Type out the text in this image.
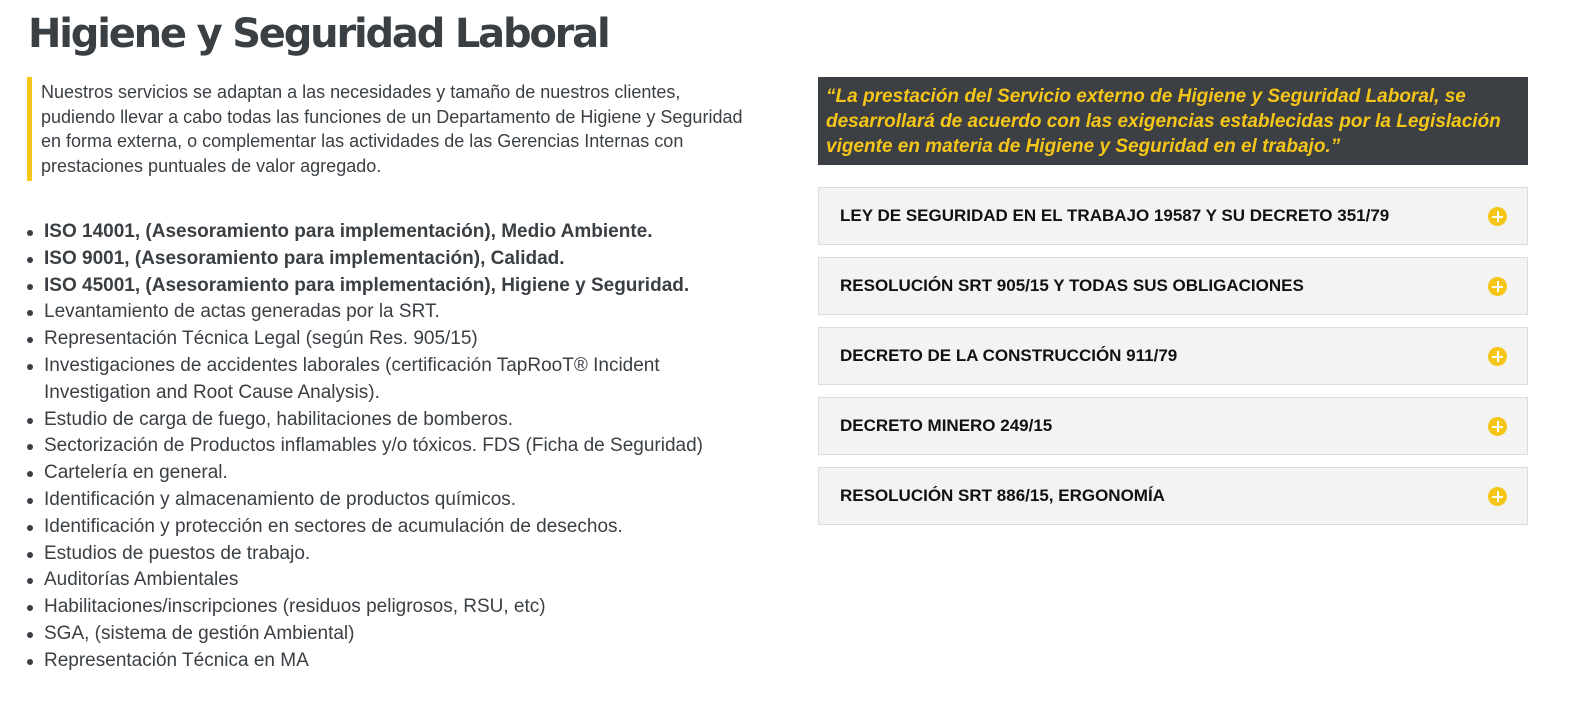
Higiene y Seguridad Laboral
Nuestros servicios se adaptan a las necesidades y tamaño de nuestros clientes, pudiendo llevar a cabo todas las funciones de un Departamento de Higiene y Seguridad en forma externa, o complementar las actividades de las Gerencias Internas con prestaciones puntuales de valor agregado.
ISO 14001, (Asesoramiento para implementación), Medio Ambiente.
ISO 9001, (Asesoramiento para implementación), Calidad.
ISO 45001, (Asesoramiento para implementación), Higiene y Seguridad.
Levantamiento de actas generadas por la SRT.
Representación Técnica Legal (según Res. 905/15)
Investigaciones de accidentes laborales (certificación TapRooT® Incident Investigation and Root Cause Analysis).
Estudio de carga de fuego, habilitaciones de bomberos.
Sectorización de Productos inflamables y/o tóxicos. FDS (Ficha de Seguridad)
Cartelería en general.
Identificación y almacenamiento de productos químicos.
Identificación y protección en sectores de acumulación de desechos.
Estudios de puestos de trabajo.
Auditorías Ambientales
Habilitaciones/inscripciones (residuos peligrosos, RSU, etc)
SGA, (sistema de gestión Ambiental)
Representación Técnica en MA
“La prestación del Servicio externo de Higiene y Seguridad Laboral, se desarrollará de acuerdo con las exigencias establecidas por la Legislación vigente en materia de Higiene y Seguridad en el trabajo.”
LEY DE SEGURIDAD EN EL TRABAJO 19587 Y SU DECRETO 351/79
RESOLUCIÓN SRT 905/15 Y TODAS SUS OBLIGACIONES
DECRETO DE LA CONSTRUCCIÓN 911/79
DECRETO MINERO 249/15
RESOLUCIÓN SRT 886/15, ERGONOMÍA
